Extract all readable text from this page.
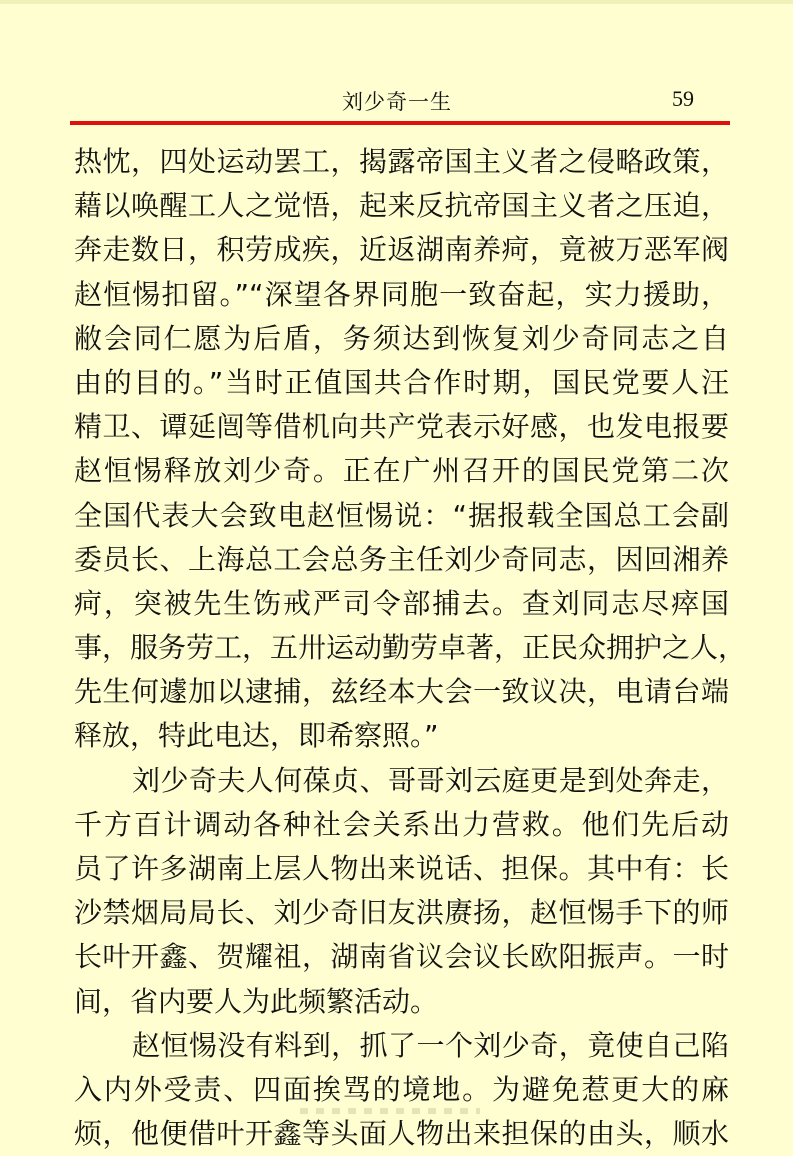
刘少奇一生	59
热忱，四处运动罢工，揭露帝国主义者之侵略政策，
藉以唤醒工人之觉悟，起来反抗帝国主义者之压迫，
奔走数日，积劳成疾，近返湖南养疴，竟被万恶军阀
赵恒惕扣留。”“深望各界同胞一致奋起，实力援助，
敝会同仁愿为后盾，务须达到恢复刘少奇同志之自
由的目的。”当时正值国共合作时期，国民党要人汪
精卫、谭延闿等借机向共产党表示好感，也发电报要
赵恒惕释放刘少奇。正在广州召开的国民党第二次
全国代表大会致电赵恒惕说：“据报载全国总工会副
委员长、上海总工会总务主任刘少奇同志，因回湘养
疴，突被先生饬戒严司令部捕去。查刘同志尽瘁国
事，服务劳工，五卅运动勤劳卓著，正民众拥护之人，
先生何遽加以逮捕，兹经本大会一致议决，电请台端
释放，特此电达，即希察照。”
刘少奇夫人何葆贞、哥哥刘云庭更是到处奔走，
千方百计调动各种社会关系出力营救。他们先后动
员了许多湖南上层人物出来说话、担保。其中有：长
沙禁烟局局长、刘少奇旧友洪赓扬，赵恒惕手下的师
长叶开鑫、贺耀祖，湖南省议会议长欧阳振声。一时
间，省内要人为此频繁活动。
赵恒惕没有料到，抓了一个刘少奇，竟使自己陷
入内外受责、四面挨骂的境地。为避免惹更大的麻
烦，他便借叶开鑫等头面人物出来担保的由头，顺水
